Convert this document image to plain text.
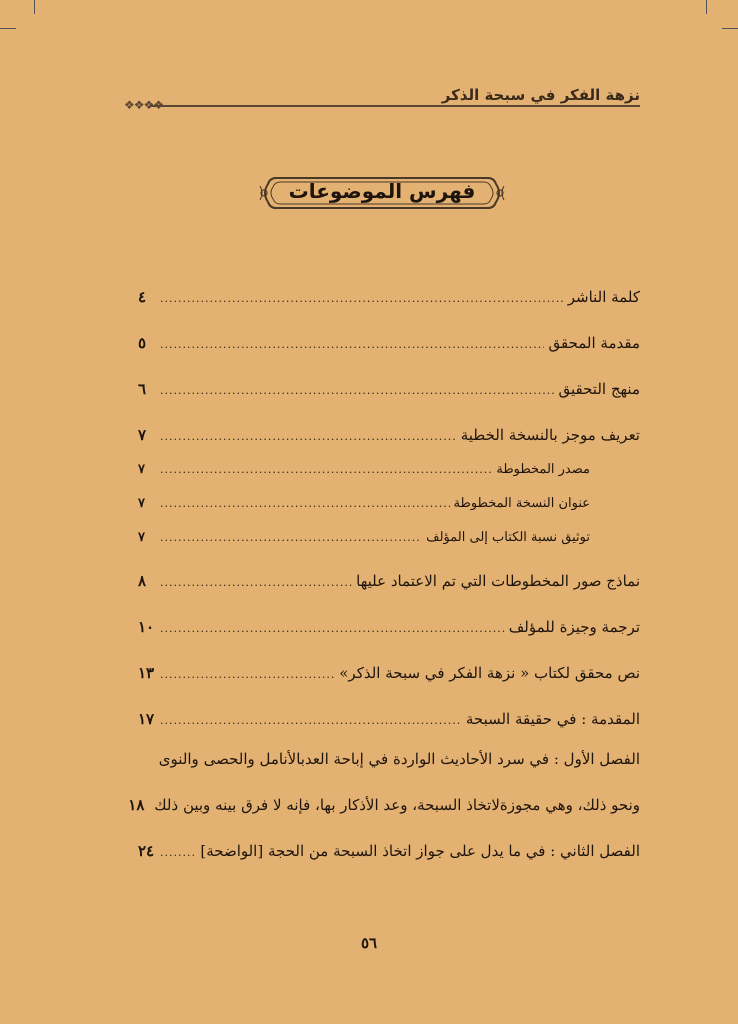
نزهة الفكر في سبحة الذكر
❖❖❖❖
فهرس الموضوعات
كلمة الناشر
.....
٤
مقدمة المحقق
.....
٥
منهج التحقيق
.....
٦
تعريف موجز بالنسخة الخطية
.....
٧
مصدر المخطوطة
.....
٧
عنوان النسخة المخطوطة
.....
٧
توثيق نسبة الكتاب إلى المؤلف
.....
٧
نماذج صور المخطوطات التي تم الاعتماد عليها
.....
٨
ترجمة وجيزة للمؤلف
.....
١٠
نص محقق لكتاب « نزهة الفكر في سبحة الذكر»
.....
١٣
المقدمة : في حقيقة السبحة
.....
١٧
الفصل الأول : في سرد الأحاديث الواردة في إباحة العدبالأنامل والحصى والنوى
ونحو ذلك، وهي مجوزةلاتخاذ السبحة، وعد الأذكار بها، فإنه لا فرق بينه وبين ذلك
١٨
الفصل الثاني : في ما يدل على جواز اتخاذ السبحة من الحجة [الواضحة]
.....
٢٤
٥٦
